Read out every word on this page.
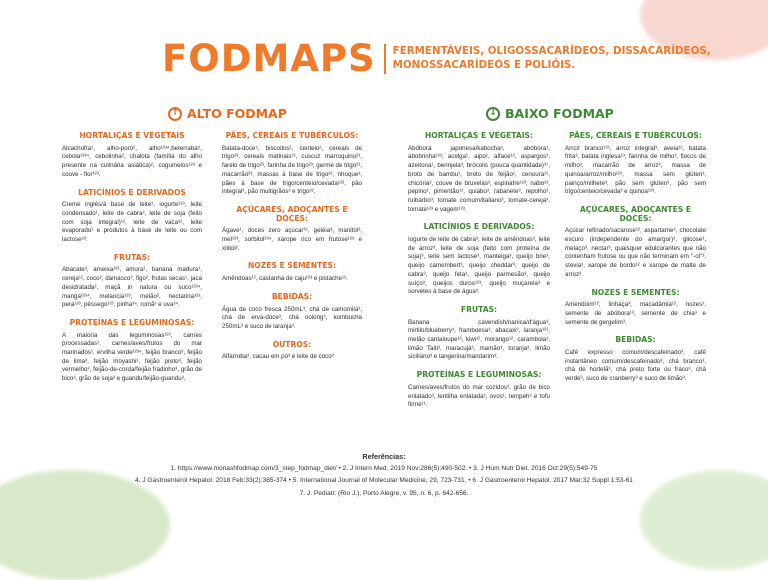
FODMAPS FERMENTÁVEIS, OLIGOSSACARÍDEOS, DISSACARÍDEOS,
MONOSSACARÍDEOS E POLIÓIS.
↑ ALTO FODMAP	↓ BAIXO FODMAP
HORTALIÇAS E VEGETAIS
Alcachofra¹, alho-poró², alho¹²³⁴,beterraba⁵, cebola¹²³⁴, cebolinha², chalota (família do alho presente na culinária asiática)², cogumelos¹²³ e couve - flor¹²³.
LATICÍNIOS E DERIVADOS
Creme inglês/à base de leite¹, iogurte¹²³, leite condensado¹, leite de cabra², leite de soja (feito com soja integral)¹², leite de vaca¹², leite evaporado¹ e produtos à base de leite ou com lactose²³.
FRUTAS:
Abacate³, ameixa¹²³, amora¹, banana madura¹, cereja¹², coco², damasco³, figo², frutas secas¹, jaca desidratada², maçã in natura ou suco¹²³⁴, manga¹²³⁴, melancia¹²³, melão², nectarina¹²³, pera¹²³, pêssego¹²³, pinha³⁴, romã³ e uva³⁴.
PROTEÍNAS E LEGUMINOSAS:
A maioria das leguminosas¹²³, carnes processadas¹, carnes/aves/frutos do mar marinados¹, ervilha verde¹²³⁴, feijão branco³, feijão de lima³, feijão moyashi³, feijão preto³, feijão vermelho³, feijão-de-corda/feijão fradinho³, grão de bico³, grão de soja³ e guandu/feijão-guandu³.
PÃES, CEREAIS E TUBÉRCULOS:
Batata-doce⁵, biscoitos¹, centeio², cereais de trigo²³, cereais matinais¹³, cuscuz marroquino²³, farelo de trigo²³, farinha de trigo²³, germe de trigo²³, macarrão²³, massas à base de trigo²³, nhoque³, pães à base de trigo/centeio/cevada¹²³, pão integral³, pão multigrãos³ e trigo²³.
AÇÚCARES, ADOÇANTES E DOCES:
Ágave¹, doces zero açúcar¹², geléia³, manitol³, mel¹²³, sorbitol²³⁴, xarope rico em frutose¹²³ e xilitol².
NOZES E SEMENTES:
Amêndoas¹², castanha de caju¹²³ e pistache¹².
BEBIDAS:
Água de coco fresca 250mL³, chá de camomila³, chá de erva-doce³, chá oolong³, kombucha 250mL³ e suco de laranja³.
OUTROS:
Alfarroba³, cacau em pó³ e leite de coco³
HORTALIÇAS E VEGETAIS:
Abóbora japonesa/kabocha³, abóbora¹, abobrinha¹²³, acelga¹, aipo¹, alface¹², aspargos³, azeitona¹, berinjela³, brócolis (pouca quantidade)³⁷, broto de bambu¹, broto de feijão¹, cenoura¹², chicória³, couve de bruxelas³, espinafre¹²³, nabo²³, pepino¹, pimentão¹², quiabo³, rabanete³, repolho³, ruibarbo³, tomate comum/italiano³, tomate-cereja³, tomate¹²³ e vagem¹²³.
LATICÍNIOS E DERIVADOS:
Iogurte de leite de cabra³, leite de amêndoas³, leite de arroz³, leite de soja (feito com proteína de soja)³, leite sem lactose³, manteiga³, queijo brie³, queijo camembert³, queijo cheddar³, queijo de cabra³, queijo feta³, queijo parmesão³, queijo suíço³, queijos duros¹²³, queijo muçarela³ e sorvetes à base de água³.
FRUTAS:
Banana cavendish/nanica/d'água³, mirtilo/blueberry³, framboesa³, abacaxi³, laranja¹²³, melão cantaloupe¹², kiwi¹², morango¹², carambola³, limão Taiti³, maracujá³, mamão³, toranja³, limão siciliano³ e tangerina/mandarim³.
PROTEÍNAS E LEGUMINOSAS:
Carnes/aves/frutos do mar cozidos³, grão de bico enlatado³, lentilha enlatada³, ovos¹, tempeh³ e tofu firme¹¹.
PÃES, CEREAIS E TUBÉRCULOS:
Arroz branco¹²³, arroz integral³, aveia¹², batata frita³, batata inglesa¹³, farinha de milho³, flocos de milho³, macarrão de arroz³, massa de quinoa/arroz/milho¹²³, massa sem glúten³, painço/milhete³, pão sem glúten³, pão sem trigo/centeio/cevada³ e quinoa¹²³.
AÇÚCARES, ADOÇANTES E DOCES:
Açúcar refinado/sacarose¹², aspartame³, chocolate escuro (independente do amargor)³, glicose³, melaço³, néctar³, quaisquer edulcorantes que não contenham frutose ou que não terminam em "-ol"³, stevia³, xarope de bordo¹² e xarope de malte de arroz³.
NOZES E SEMENTES:
Amendoim¹², linhaça³, macadâmia¹², nozes³, semente de abóbora¹², semente de chia³ e semente de gergelim³.
BEBIDAS:
Café expresso comum/descafeinado³, café instantâneo comum/descafeinado³, chá branco³, chá de hortelã³, chá preto forte ou fraco³, chá verde³, suco de cranberry³ e suco de limão³.
Referências:
1. https://www.monashfodmap.com/3_step_fodmap_diet/ • 2. J Intern Med. 2019 Nov:286(5):490-502. • 3. J Hum Nutr Diet. 2016 Oct:29(5):549-75
4. J Gastroenterol Hepatol. 2018 Feb:33(2):365-374 • 5. International Journal of Molecular Medicine, 29, 723-731. • 6. J Gastroenterol Hepatol. 2017 Mar;32 Suppl 1:53-61
7. J. Pediatr. (Rio J.), Porto Alegre, v. 95, n. 6, p. 642-656.
